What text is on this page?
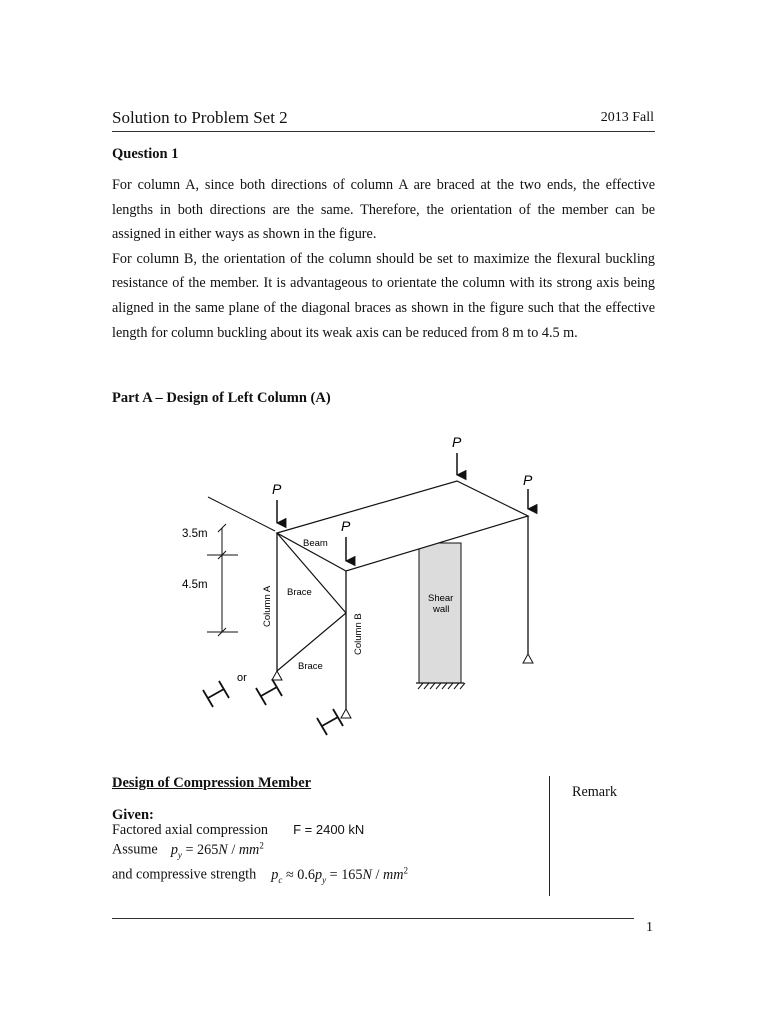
Solution to Problem Set 2	2013 Fall
Question 1

For column A, since both directions of column A are braced at the two ends, the effective lengths in both directions are the same. Therefore, the orientation of the member can be assigned in either ways as shown in the figure.

For column B, the orientation of the column should be set to maximize the flexural buckling resistance of the member. It is advantageous to orientate the column with its strong axis being aligned in the same plane of the diagonal braces as shown in the figure such that the effective length for column buckling about its weak axis can be reduced from 8 m to 4.5 m.

Part A – Design of Left Column (A)
P
P
P
P
3.5m
4.5m
Beam
Brace
Brace
Column A
Column B
Shear
wall
or
Design of Compression Member
Remark
Given:
Factored axial compression F = 2400 kN
Assume $p_y = 265N / mm^2$
and compressive strength $p_c \approx 0.6p_y = 165N / mm^2$
1
